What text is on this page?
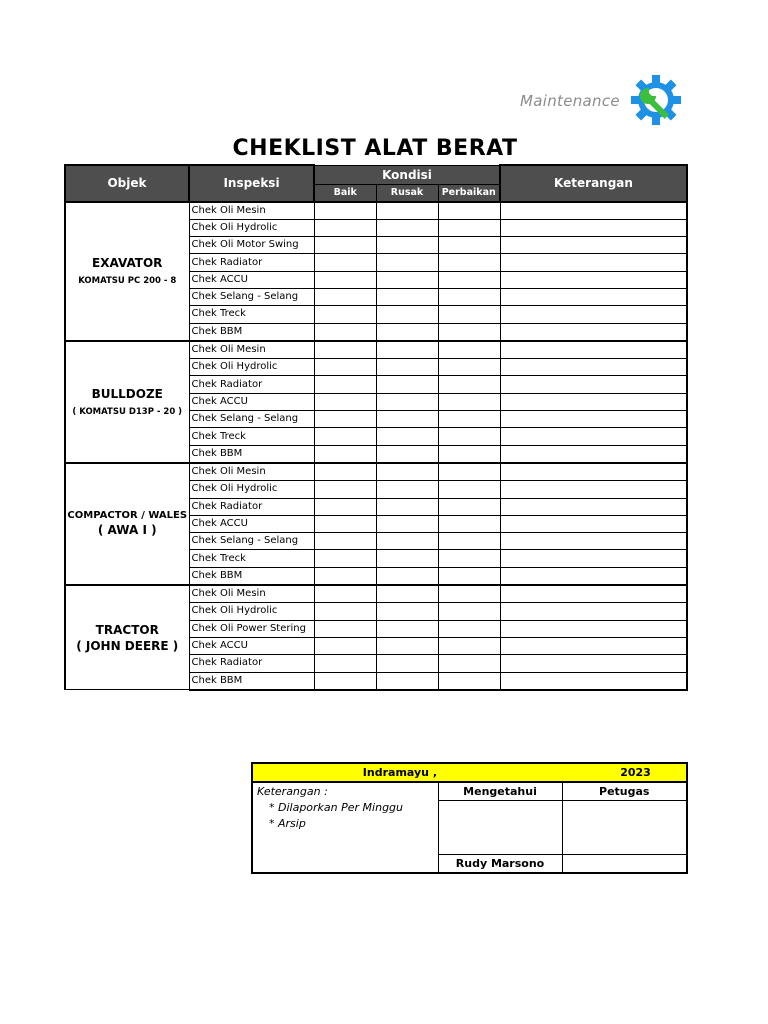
Maintenance
CHEKLIST ALAT BERAT
Objek	Inspeksi	Kondisi			Keterangan
		Baik	Rusak	Perbaikan	

EXAVATOR
KOMATSU PC 200 - 8	Chek Oli Mesin				
	Chek Oli Hydrolic				
	Chek Oli Motor Swing				
	Chek Radiator				
	Chek ACCU				
	Chek Selang - Selang				
	Chek Treck				
	Chek BBM				

BULLDOZE
( KOMATSU D13P - 20 )	Chek Oli Mesin				
	Chek Oli Hydrolic				
	Chek Radiator				
	Chek ACCU				
	Chek Selang - Selang				
	Chek Treck				
	Chek BBM				

COMPACTOR / WALES
( AWA I )	Chek Oli Mesin				
	Chek Oli Hydrolic				
	Chek Radiator				
	Chek ACCU				
	Chek Selang - Selang				
	Chek Treck				
	Chek BBM				

TRACTOR
( JOHN DEERE )	Chek Oli Mesin				
	Chek Oli Hydrolic				
	Chek Oli Power Stering				
	Chek ACCU				
	Chek Radiator				
	Chek BBM				
Indramayu , 2023		
Keterangan :	Mengetahui	Petugas

* Dilaporkan Per Minggu
* Arsip		

	Rudy Marsono	
